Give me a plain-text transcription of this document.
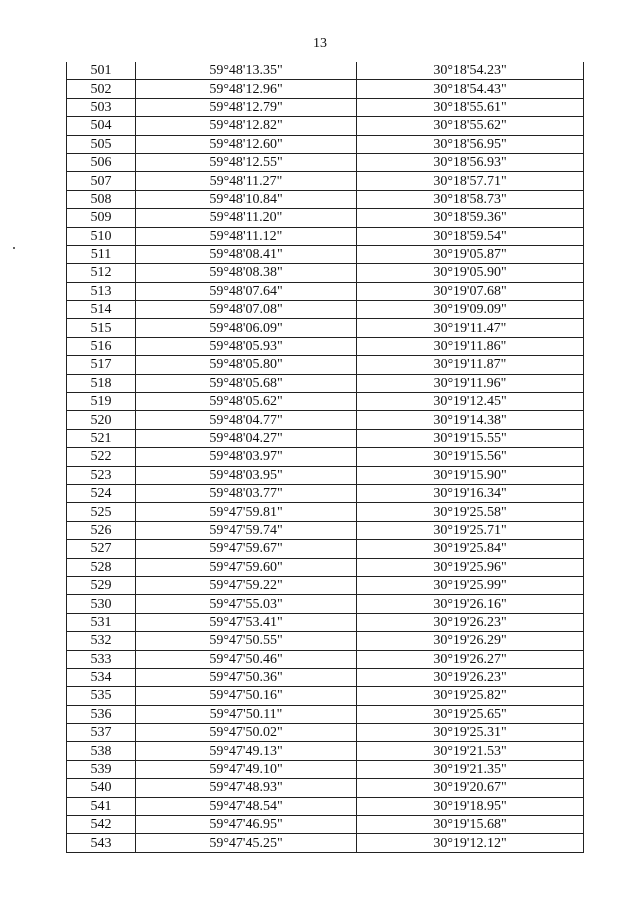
13
501	59°48'13.35"	30°18'54.23"
502	59°48'12.96"	30°18'54.43"
503	59°48'12.79"	30°18'55.61"
504	59°48'12.82"	30°18'55.62"
505	59°48'12.60"	30°18'56.95"
506	59°48'12.55"	30°18'56.93"
507	59°48'11.27"	30°18'57.71"
508	59°48'10.84"	30°18'58.73"
509	59°48'11.20"	30°18'59.36"
510	59°48'11.12"	30°18'59.54"
511	59°48'08.41"	30°19'05.87"
512	59°48'08.38"	30°19'05.90"
513	59°48'07.64"	30°19'07.68"
514	59°48'07.08"	30°19'09.09"
515	59°48'06.09"	30°19'11.47"
516	59°48'05.93"	30°19'11.86"
517	59°48'05.80"	30°19'11.87"
518	59°48'05.68"	30°19'11.96"
519	59°48'05.62"	30°19'12.45"
520	59°48'04.77"	30°19'14.38"
521	59°48'04.27"	30°19'15.55"
522	59°48'03.97"	30°19'15.56"
523	59°48'03.95"	30°19'15.90"
524	59°48'03.77"	30°19'16.34"
525	59°47'59.81"	30°19'25.58"
526	59°47'59.74"	30°19'25.71"
527	59°47'59.67"	30°19'25.84"
528	59°47'59.60"	30°19'25.96"
529	59°47'59.22"	30°19'25.99"
530	59°47'55.03"	30°19'26.16"
531	59°47'53.41"	30°19'26.23"
532	59°47'50.55"	30°19'26.29"
533	59°47'50.46"	30°19'26.27"
534	59°47'50.36"	30°19'26.23"
535	59°47'50.16"	30°19'25.82"
536	59°47'50.11"	30°19'25.65"
537	59°47'50.02"	30°19'25.31"
538	59°47'49.13"	30°19'21.53"
539	59°47'49.10"	30°19'21.35"
540	59°47'48.93"	30°19'20.67"
541	59°47'48.54"	30°19'18.95"
542	59°47'46.95"	30°19'15.68"
543	59°47'45.25"	30°19'12.12"
